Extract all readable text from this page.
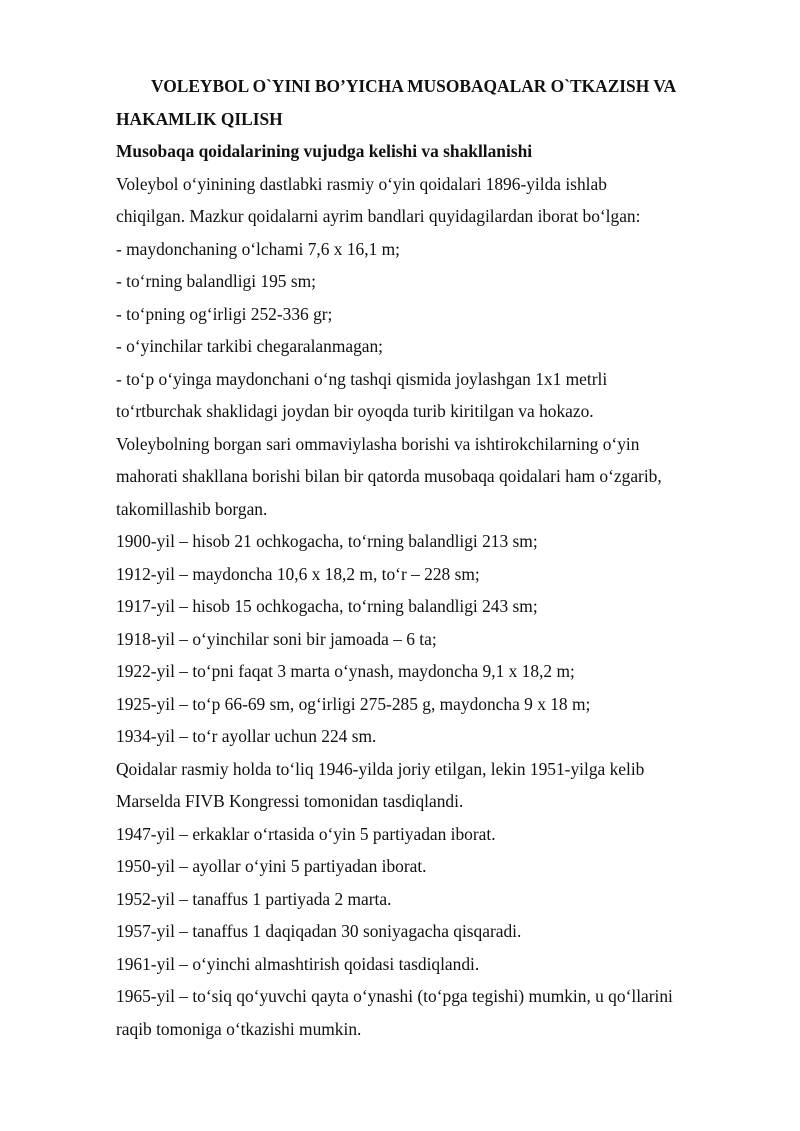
VOLEYBOL O`YINI BO’YICHA MUSOBAQALAR O`TKAZISH VA
HAKAMLIK QILISH
Musobaqa qoidalarining vujudga kelishi va shakllanishi
Voleybol o‘yinining dastlabki rasmiy o‘yin qoidalari 1896-yilda ishlab
chiqilgan. Mazkur qoidalarni ayrim bandlari quyidagilardan iborat bo‘lgan:
- maydonchaning o‘lchami 7,6 x 16,1 m;
- to‘rning balandligi 195 sm;
- to‘pning og‘irligi 252-336 gr;
- o‘yinchilar tarkibi chegaralanmagan;
- to‘p o‘yinga maydonchani o‘ng tashqi qismida joylashgan 1x1 metrli
to‘rtburchak shaklidagi joydan bir oyoqda turib kiritilgan va hokazo.
Voleybolning borgan sari ommaviylasha borishi va ishtirokchilarning o‘yin
mahorati shakllana borishi bilan bir qatorda musobaqa qoidalari ham o‘zgarib,
takomillashib borgan.
1900-yil – hisob 21 ochkogacha, to‘rning balandligi 213 sm;
1912-yil – maydoncha 10,6 x 18,2 m, to‘r – 228 sm;
1917-yil – hisob 15 ochkogacha, to‘rning balandligi 243 sm;
1918-yil – o‘yinchilar soni bir jamoada – 6 ta;
1922-yil – to‘pni faqat 3 marta o‘ynash, maydoncha 9,1 x 18,2 m;
1925-yil – to‘p 66-69 sm, og‘irligi 275-285 g, maydoncha 9 x 18 m;
1934-yil – to‘r ayollar uchun 224 sm.
Qoidalar rasmiy holda to‘liq 1946-yilda joriy etilgan, lekin 1951-yilga kelib
Marselda FIVB Kongressi tomonidan tasdiqlandi.
1947-yil – erkaklar o‘rtasida o‘yin 5 partiyadan iborat.
1950-yil – ayollar o‘yini 5 partiyadan iborat.
1952-yil – tanaffus 1 partiyada 2 marta.
1957-yil – tanaffus 1 daqiqadan 30 soniyagacha qisqaradi.
1961-yil – o‘yinchi almashtirish qoidasi tasdiqlandi.
1965-yil – to‘siq qo‘yuvchi qayta o‘ynashi (to‘pga tegishi) mumkin, u qo‘llarini
raqib tomoniga o‘tkazishi mumkin.
